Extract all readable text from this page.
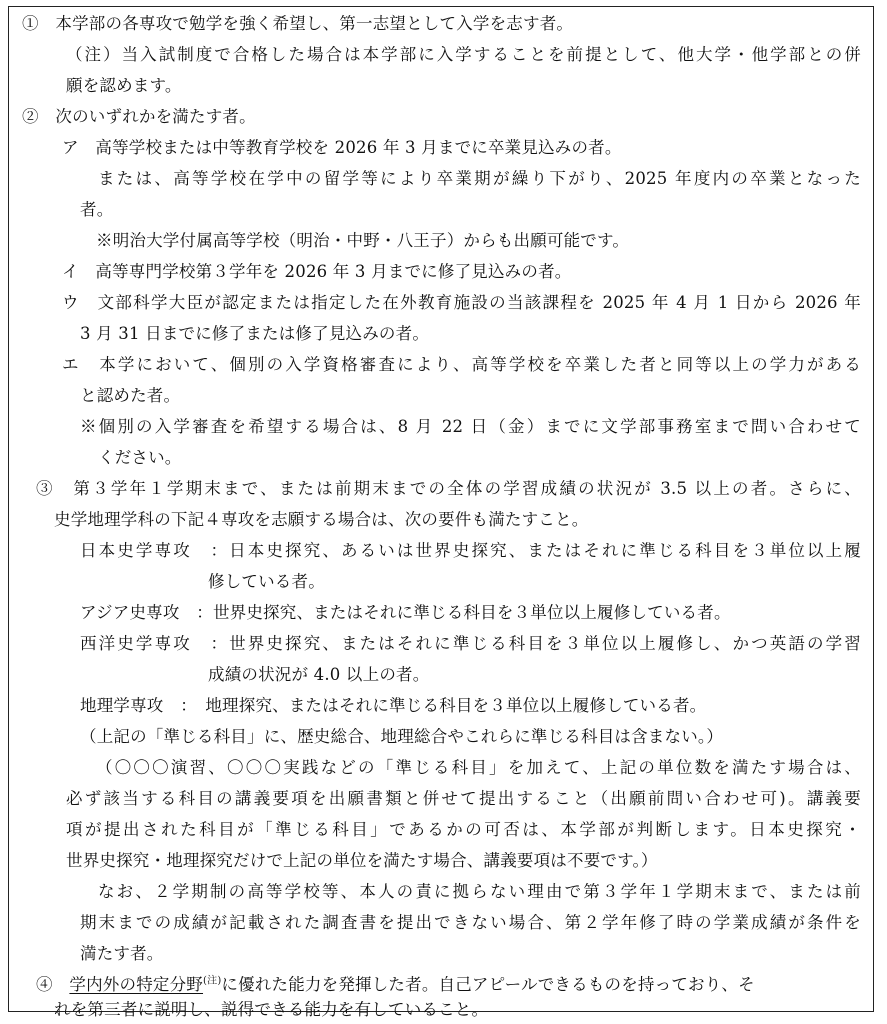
①　本学部の各専攻で勉学を強く希望し、第一志望として入学を志す者。
（注）当入試制度で合格した場合は本学部に入学することを前提として、他大学・他学部との併
願を認めます。
②　次のいずれかを満たす者。
ア　高等学校または中等教育学校を 2026 年 3 月までに卒業見込みの者。
または、高等学校在学中の留学等により卒業期が繰り下がり、2025 年度内の卒業となった
者。
※明治大学付属高等学校（明治・中野・八王子）からも出願可能です。
イ　高等専門学校第３学年を 2026 年 3 月までに修了見込みの者。
ウ　文部科学大臣が認定または指定した在外教育施設の当該課程を 2025 年 4 月 1 日から 2026 年
3 月 31 日までに修了または修了見込みの者。
エ　本学において、個別の入学資格審査により、高等学校を卒業した者と同等以上の学力がある
と認めた者。
※個別の入学審査を希望する場合は、8 月 22 日（金）までに文学部事務室まで問い合わせて
ください。
③　第３学年１学期末まで、または前期末までの全体の学習成績の状況が 3.5 以上の者。さらに、
史学地理学科の下記４専攻を志願する場合は、次の要件も満たすこと。
日本史学専攻　：日本史探究、あるいは世界史探究、またはそれに準じる科目を３単位以上履
修している者。
アジア史専攻　：世界史探究、またはそれに準じる科目を３単位以上履修している者。
西洋史学専攻　：世界史探究、またはそれに準じる科目を３単位以上履修し、かつ英語の学習
成績の状況が 4.0 以上の者。
地理学専攻　：　地理探究、またはそれに準じる科目を３単位以上履修している者。
（上記の「準じる科目」に、歴史総合、地理総合やこれらに準じる科目は含まない。）
（〇〇〇演習、〇〇〇実践などの「準じる科目」を加えて、上記の単位数を満たす場合は、
必ず該当する科目の講義要項を出願書類と併せて提出すること（出願前問い合わせ可)。講義要
項が提出された科目が「準じる科目」であるかの可否は、本学部が判断します。日本史探究・
世界史探究・地理探究だけで上記の単位を満たす場合、講義要項は不要です。）
なお、２学期制の高等学校等、本人の責に拠らない理由で第３学年１学期末まで、または前
期末までの成績が記載された調査書を提出できない場合、第２学年修了時の学業成績が条件を
満たす者。
④　 学内外の特定分野$^{(注)}$に優れた能力を発揮した者。自己アピールできるものを持っており、そ
れを第三者に説明し、説得できる能力を有していること。
